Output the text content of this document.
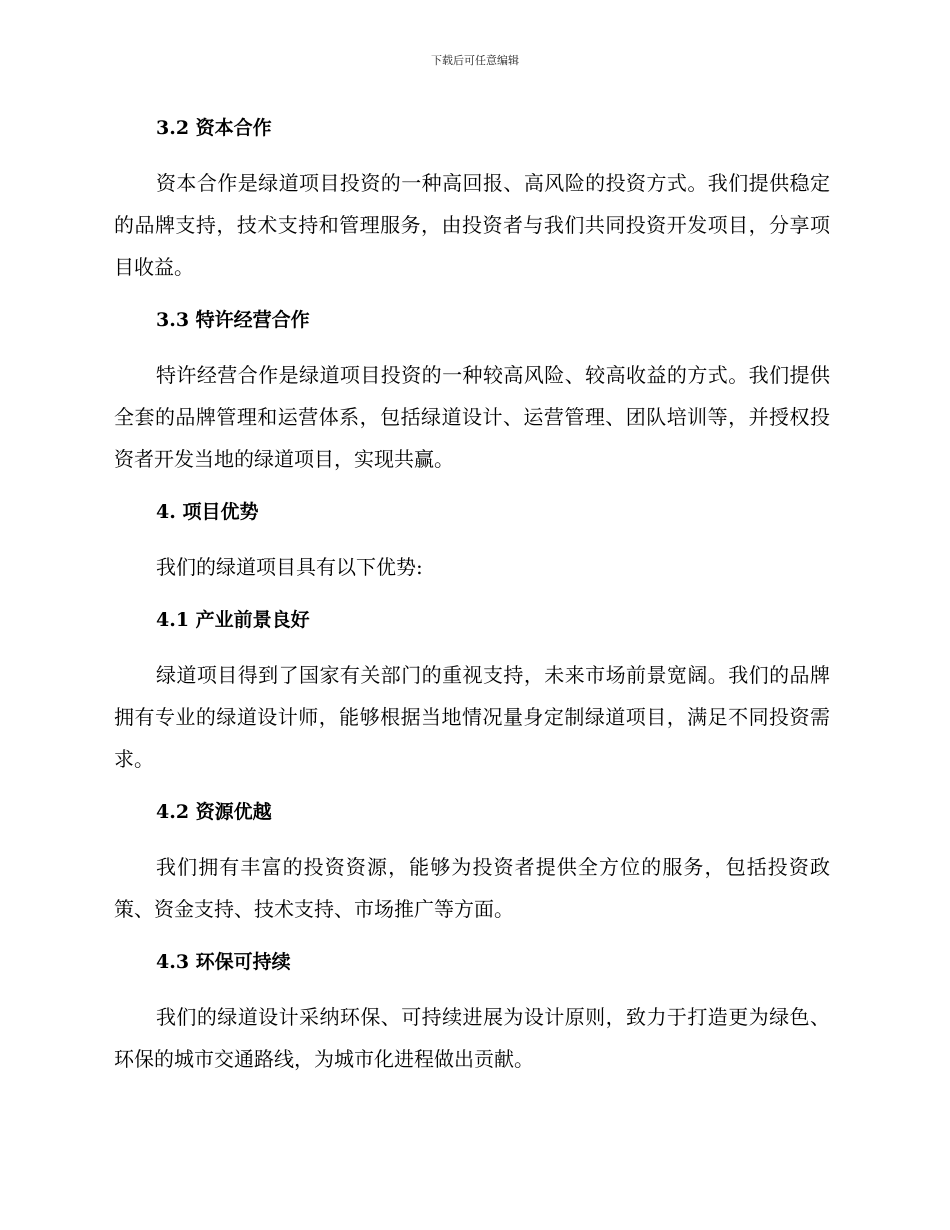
下载后可任意编辑
3.2 资本合作

资本合作是绿道项目投资的一种高回报、高风险的投资方式。我们提供稳定的品牌支持，技术支持和管理服务，由投资者与我们共同投资开发项目，分享项目收益。

3.3 特许经营合作

特许经营合作是绿道项目投资的一种较高风险、较高收益的方式。我们提供全套的品牌管理和运营体系，包括绿道设计、运营管理、团队培训等，并授权投资者开发当地的绿道项目，实现共赢。

4. 项目优势

我们的绿道项目具有以下优势:

4.1 产业前景良好

绿道项目得到了国家有关部门的重视支持，未来市场前景宽阔。我们的品牌拥有专业的绿道设计师，能够根据当地情况量身定制绿道项目，满足不同投资需求。

4.2 资源优越

我们拥有丰富的投资资源，能够为投资者提供全方位的服务，包括投资政策、资金支持、技术支持、市场推广等方面。

4.3 环保可持续

我们的绿道设计采纳环保、可持续进展为设计原则，致力于打造更为绿色、环保的城市交通路线，为城市化进程做出贡献。
